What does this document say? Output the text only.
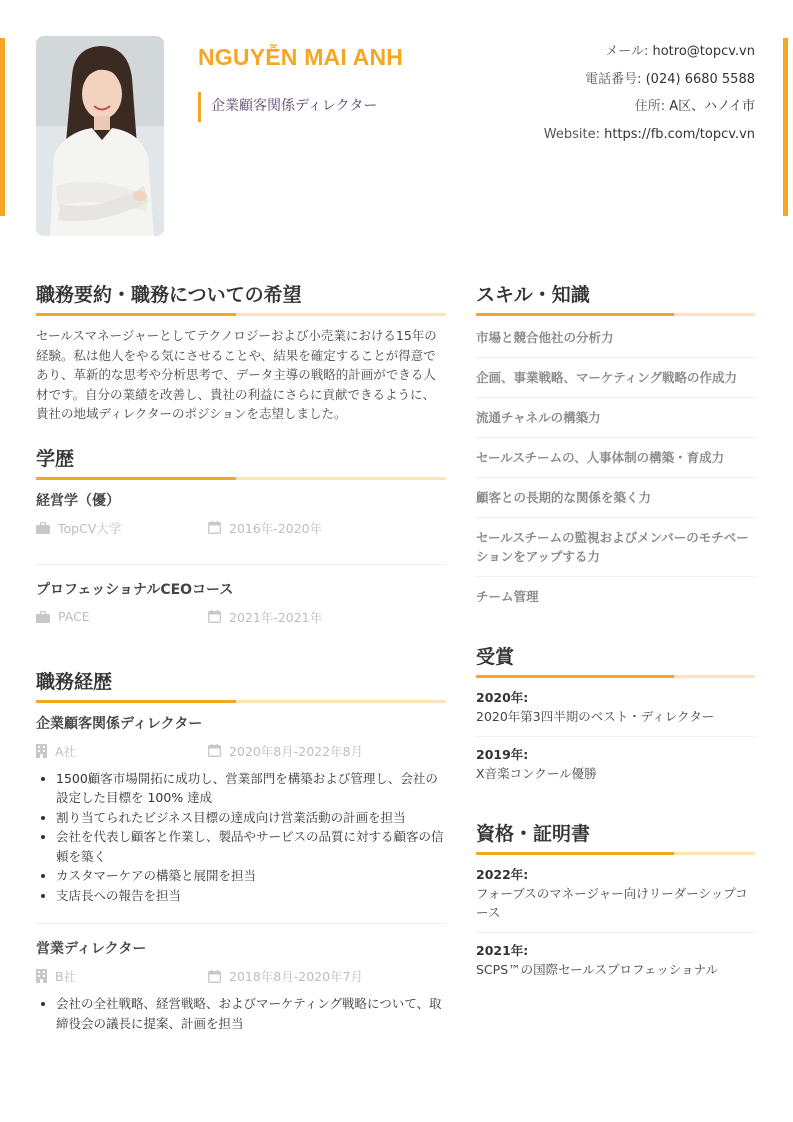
NGUYỄN MAI ANH
企業顧客関係ディレクター
メール: hotro@topcv.vn
電話番号: (024) 6680 5588
住所: A区、ハノイ市
Website: https://fb.com/topcv.vn
職務要約・職務についての希望

セールスマネージャーとしてテクノロジーおよび小売業における15年の経験。私は他人をやる気にさせることや、結果を確定することが得意であり、革新的な思考や分析思考で、データ主導の戦略的計画ができる人材です。自分の業績を改善し、貴社の利益にさらに貢献できるように、貴社の地域ディレクターのポジションを志望しました。

学歴
経営学（優）
TopCV大学	2016年-2020年
プロフェッショナルCEOコース
PACE	2021年-2021年
職務経歴
企業顧客関係ディレクター
A社	2020年8月-2022年8月
• 1500顧客市場開拓に成功し、営業部門を構築および管理し、会社の設定した目標を 100% 達成
• 割り当てられたビジネス目標の達成向け営業活動の計画を担当
• 会社を代表し顧客と作業し、製品やサービスの品質に対する顧客の信頼を築く
• カスタマーケアの構築と展開を担当
• 支店長への報告を担当
営業ディレクター
B社	2018年8月-2020年7月
• 会社の全社戦略、経営戦略、およびマーケティング戦略について、取締役会の議長に提案、計画を担当
スキル・知識
市場と競合他社の分析力
企画、事業戦略、マーケティング戦略の作成力
流通チャネルの構築力
セールスチームの、人事体制の構築・育成力
顧客との長期的な関係を築く力
セールスチームの監視およびメンバーのモチベーションをアップする力
チーム管理
受賞
2020年:
2020年第3四半期のベスト・ディレクター
2019年:
X音楽コンクール優勝
資格・証明書
2022年:
フォーブスのマネージャー向けリーダーシップコース
2021年:
SCPS™の国際セールスプロフェッショナル
